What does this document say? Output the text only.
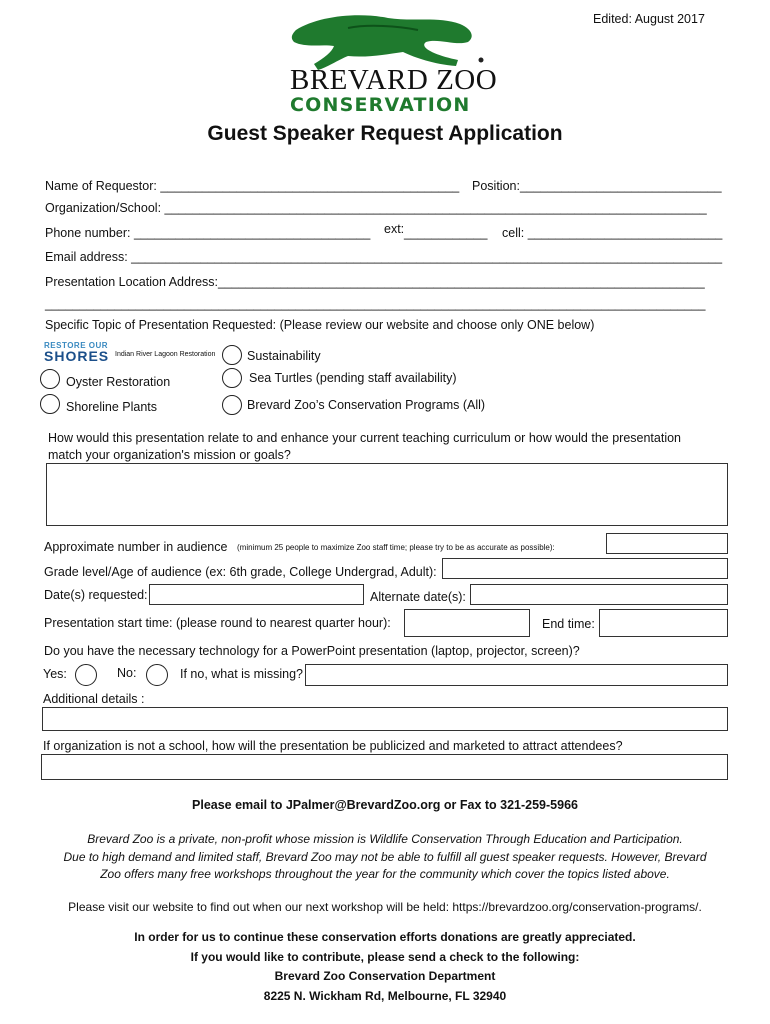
Edited: August 2017
BREVARD ZOO
CONSERVATION
Guest Speaker Request Application
Name of Requestor: ___________________________________________ Position:_____________________________
Organization/School: ______________________________________________________________________________
Phone number: __________________________________ ext: ____________ cell: ____________________________
Email address: _____________________________________________________________________________________
Presentation Location Address:______________________________________________________________________
_______________________________________________________________________________________________
Specific Topic of Presentation Requested: (Please review our website and choose only ONE below)
RESTORE OUR
SHORES Indian River Lagoon Restoration	Sustainability
Oyster Restoration	Sea Turtles (pending staff availability)
Shoreline Plants	Brevard Zoo’s Conservation Programs (All)
How would this presentation relate to and enhance your current teaching curriculum or how would the presentation
match your organization's mission or goals?
Approximate number in audience (minimum 25 people to maximize Zoo staff time; please try to be as accurate as possible):
Grade level/Age of audience (ex: 6th grade, College Undergrad, Adult):
Date(s) requested:	Alternate date(s):
Presentation start time: (please round to nearest quarter hour):	End time:
Do you have the necessary technology for a PowerPoint presentation (laptop, projector, screen)?
Yes:	No:	If no, what is missing?
Additional details :
If organization is not a school, how will the presentation be publicized and marketed to attract attendees?
Please email to JPalmer@BrevardZoo.org or Fax to 321-259-5966
Brevard Zoo is a private, non-profit whose mission is Wildlife Conservation Through Education and Participation.
Due to high demand and limited staff, Brevard Zoo may not be able to fulfill all guest speaker requests. However, Brevard
Zoo offers many free workshops throughout the year for the community which cover the topics listed above.
Please visit our website to find out when our next workshop will be held: https://brevardzoo.org/conservation-programs/.
In order for us to continue these conservation efforts donations are greatly appreciated.
If you would like to contribute, please send a check to the following:
Brevard Zoo Conservation Department
8225 N. Wickham Rd, Melbourne, FL 32940
